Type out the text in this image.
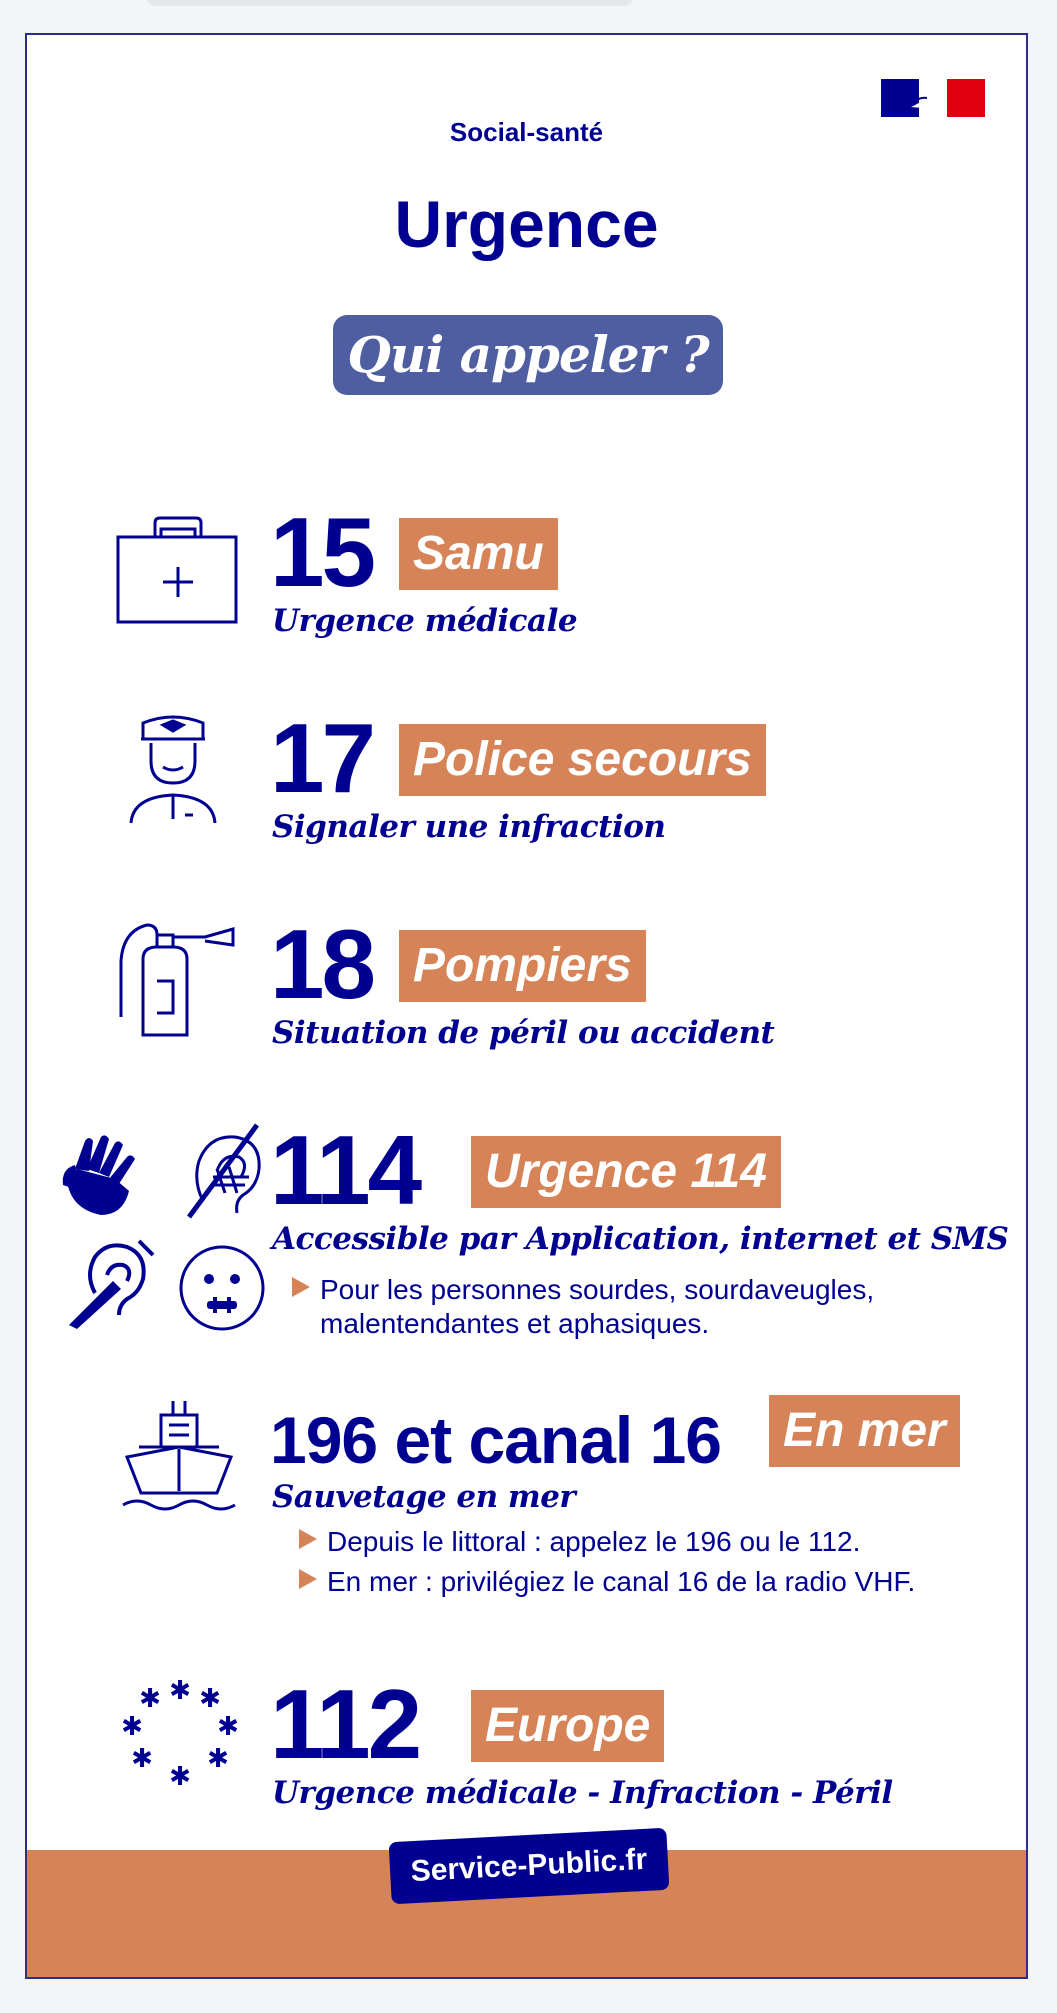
Social-santé

Urgence
Qui appeler ?
15 Samu
Urgence médicale
17 Police secours
Signaler une infraction
18 Pompiers
Situation de péril ou accident
114 Urgence 114
Accessible par Application, internet et SMS
Pour les personnes sourdes, sourdaveugles,
malentendantes et aphasiques.
196 et canal 16 En mer
Sauvetage en mer
Depuis le littoral : appelez le 196 ou le 112.
En mer : privilégiez le canal 16 de la radio VHF.
✱ ✱
✱
✱
✱
✱
✱
✱ 112 Europe
Urgence médicale - Infraction - Péril
Service-Public.fr
